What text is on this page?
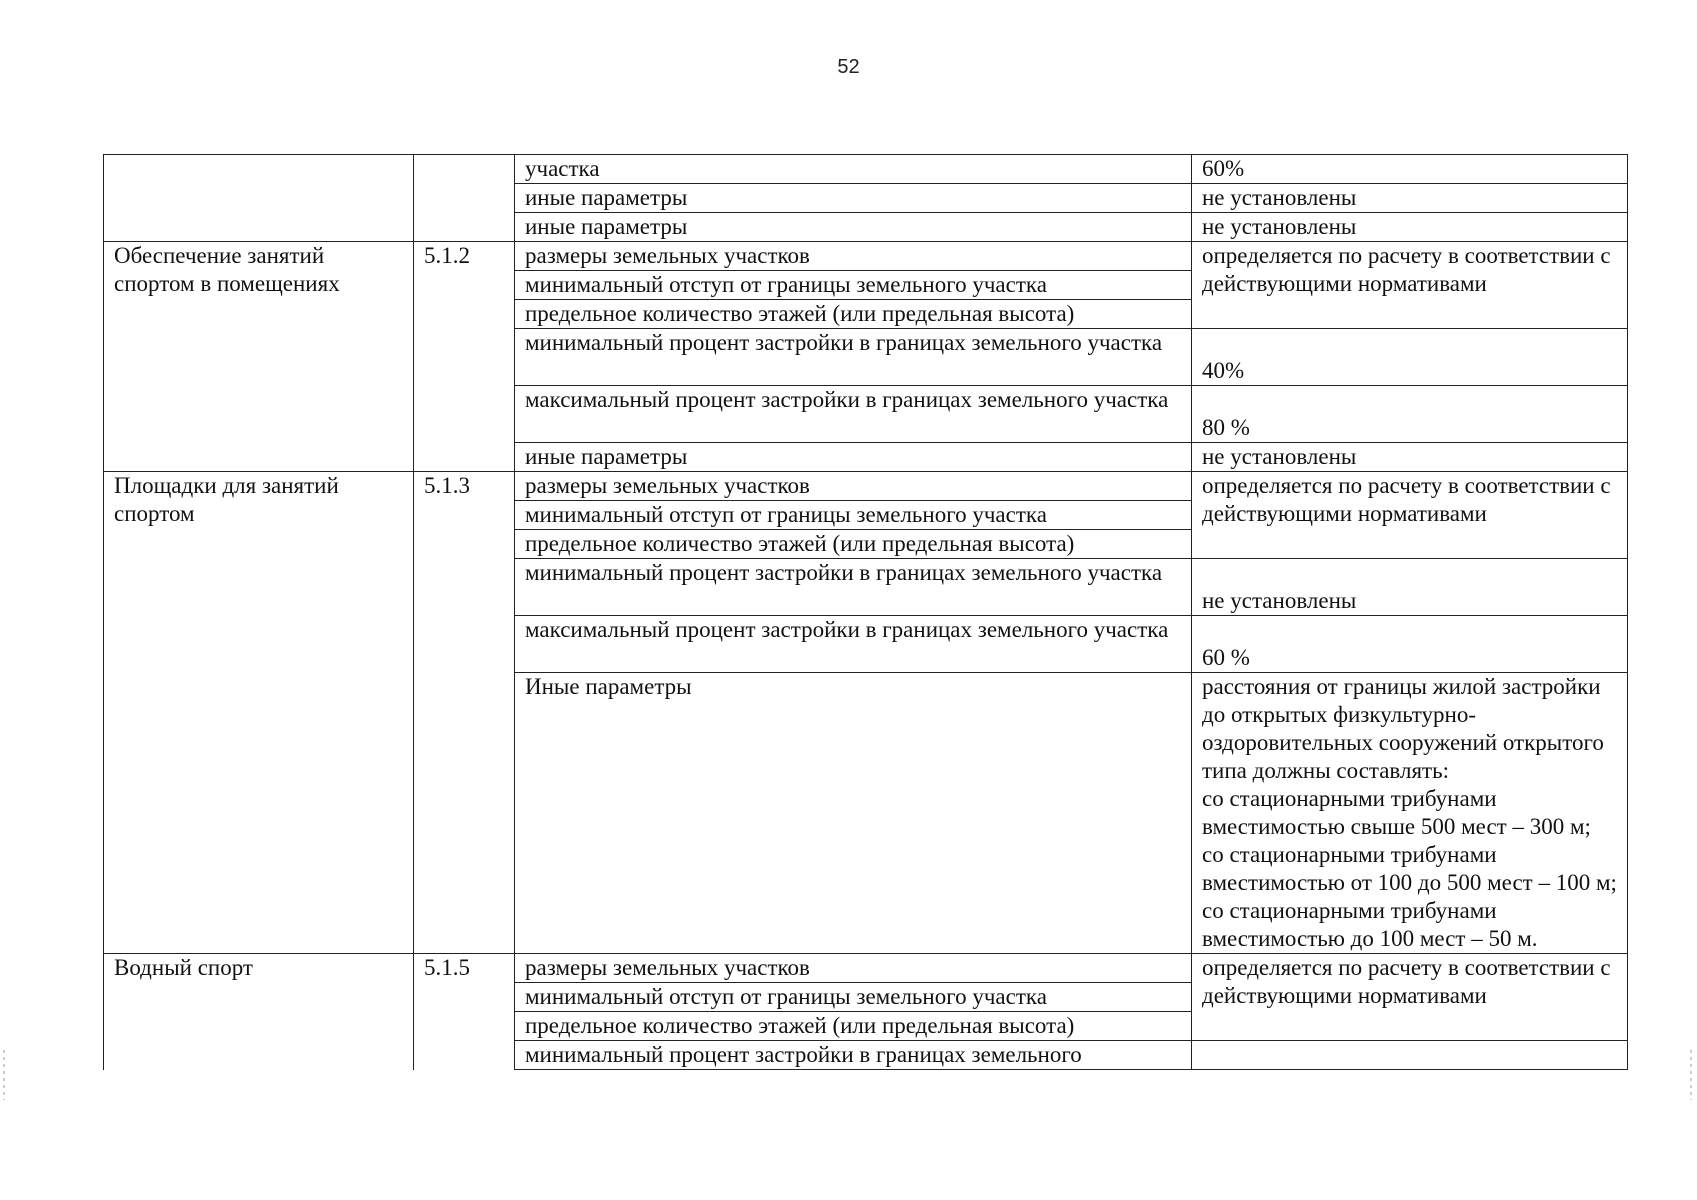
52
		участка	60%
		иные параметры	не установлены
		иные параметры	не установлены
Обеспечение занятий спортом в помещениях	5.1.2	размеры земельных участков	определяется по расчету в соответствии с действующими нормативами
		минимальный отступ от границы земельного участка	
		предельное количество этажей (или предельная высота)	
		минимальный процент застройки в границах земельного участка	40%
		максимальный процент застройки в границах земельного участка	80 %
		иные параметры	не установлены
Площадки для занятий спортом	5.1.3	размеры земельных участков	определяется по расчету в соответствии с действующими нормативами
		минимальный отступ от границы земельного участка	
		предельное количество этажей (или предельная высота)	
		минимальный процент застройки в границах земельного участка	не установлены
		максимальный процент застройки в границах земельного участка	60 %
		Иные параметры	расстояния от границы жилой застройки до открытых физкультурно-оздоровительных сооружений открытого типа должны составлять:
со стационарными трибунами вместимостью свыше 500 мест – 300 м;
со стационарными трибунами вместимостью от 100 до 500 мест – 100 м;
со стационарными трибунами вместимостью до 100 мест – 50 м.
Водный спорт	5.1.5	размеры земельных участков	определяется по расчету в соответствии с действующими нормативами
		минимальный отступ от границы земельного участка	
		предельное количество этажей (или предельная высота)	
		минимальный процент застройки в границах земельного	
